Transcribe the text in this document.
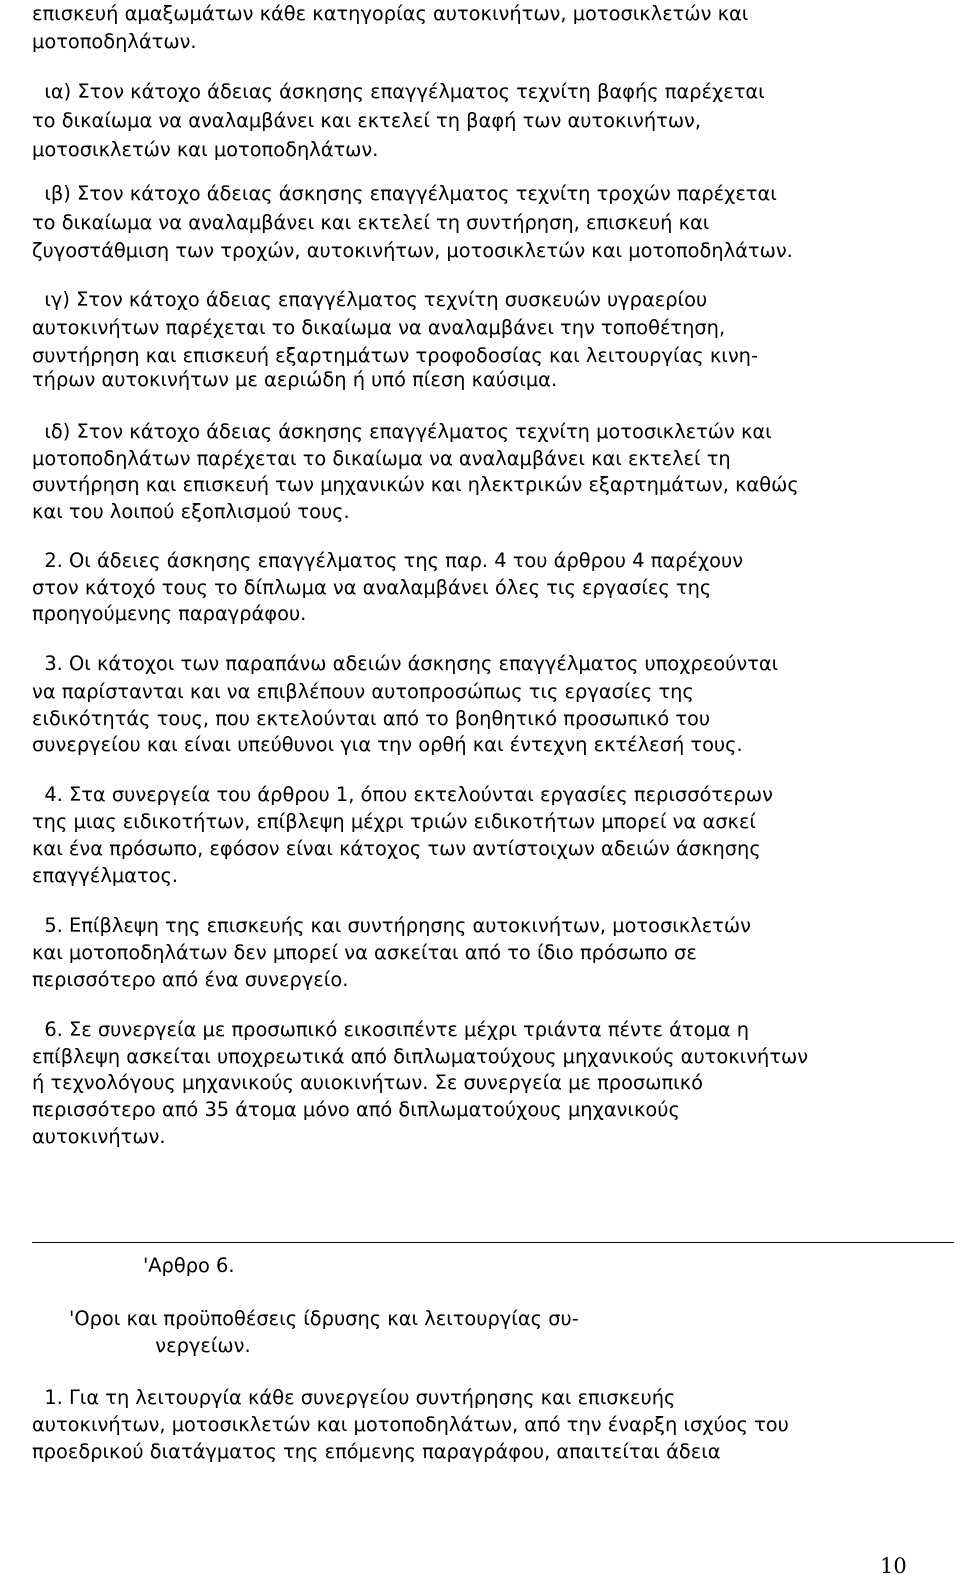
επισκευή αμαξωμάτων κάθε κατηγορίας αυτοκινήτων, μοτοσικλετών και

μοτοποδηλάτων.

ια) Στον κάτοχο άδειας άσκησης επαγγέλματος τεχνίτη βαφής παρέχεται

το δικαίωμα να αναλαμβάνει και εκτελεί τη βαφή των αυτοκινήτων,

μοτοσικλετών και μοτοποδηλάτων.

ιβ) Στον κάτοχο άδειας άσκησης επαγγέλματος τεχνίτη τροχών παρέχεται

το δικαίωμα να αναλαμβάνει και εκτελεί τη συντήρηση, επισκευή και

ζυγοστάθμιση των τροχών, αυτοκινήτων, μοτοσικλετών και μοτοποδηλάτων.

ιγ) Στον κάτοχο άδειας επαγγέλματος τεχνίτη συσκευών υγραερίου

αυτοκινήτων παρέχεται το δικαίωμα να αναλαμβάνει την τοποθέτηση,

συντήρηση και επισκευή εξαρτημάτων τροφοδοσίας και λειτουργίας κινη-

τήρων αυτοκινήτων με αεριώδη ή υπό πίεση καύσιμα.

ιδ) Στον κάτοχο άδειας άσκησης επαγγέλματος τεχνίτη μοτοσικλετών και

μοτοποδηλάτων παρέχεται το δικαίωμα να αναλαμβάνει και εκτελεί τη

συντήρηση και επισκευή των μηχανικών και ηλεκτρικών εξαρτημάτων, καθώς

και του λοιπού εξοπλισμού τους.

2. Οι άδειες άσκησης επαγγέλματος της παρ. 4 του άρθρου 4 παρέχουν

στον κάτοχό τους το δίπλωμα να αναλαμβάνει όλες τις εργασίες της

προηγούμενης παραγράφου.

3. Οι κάτοχοι των παραπάνω αδειών άσκησης επαγγέλματος υποχρεούνται

να παρίστανται και να επιβλέπουν αυτοπροσώπως τις εργασίες της

ειδικότητάς τους, που εκτελούνται από το βοηθητικό προσωπικό του

συνεργείου και είναι υπεύθυνοι για την ορθή και έντεχνη εκτέλεσή τους.

4. Στα συνεργεία του άρθρου 1, όπου εκτελούνται εργασίες περισσότερων

της μιας ειδικοτήτων, επίβλεψη μέχρι τριών ειδικοτήτων μπορεί να ασκεί

και ένα πρόσωπο, εφόσον είναι κάτοχος των αντίστοιχων αδειών άσκησης

επαγγέλματος.

5. Επίβλεψη της επισκευής και συντήρησης αυτοκινήτων, μοτοσικλετών

και μοτοποδηλάτων δεν μπορεί να ασκείται από το ίδιο πρόσωπο σε

περισσότερο από ένα συνεργείο.

6. Σε συνεργεία με προσωπικό εικοσιπέντε μέχρι τριάντα πέντε άτομα η

επίβλεψη ασκείται υποχρεωτικά από διπλωματούχους μηχανικούς αυτοκινήτων

ή τεχνολόγους μηχανικούς αυιοκινήτων. Σε συνεργεία με προσωπικό

περισσότερο από 35 άτομα μόνο από διπλωματούχους μηχανικούς

αυτοκινήτων.

'Αρθρο 6.

'Οροι και προϋποθέσεις ίδρυσης και λειτουργίας συ-

νεργείων.

1. Για τη λειτουργία κάθε συνεργείου συντήρησης και επισκευής

αυτοκινήτων, μοτοσικλετών και μοτοποδηλάτων, από την έναρξη ισχύος του

προεδρικού διατάγματος της επόμενης παραγράφου, απαιτείται άδεια

10
